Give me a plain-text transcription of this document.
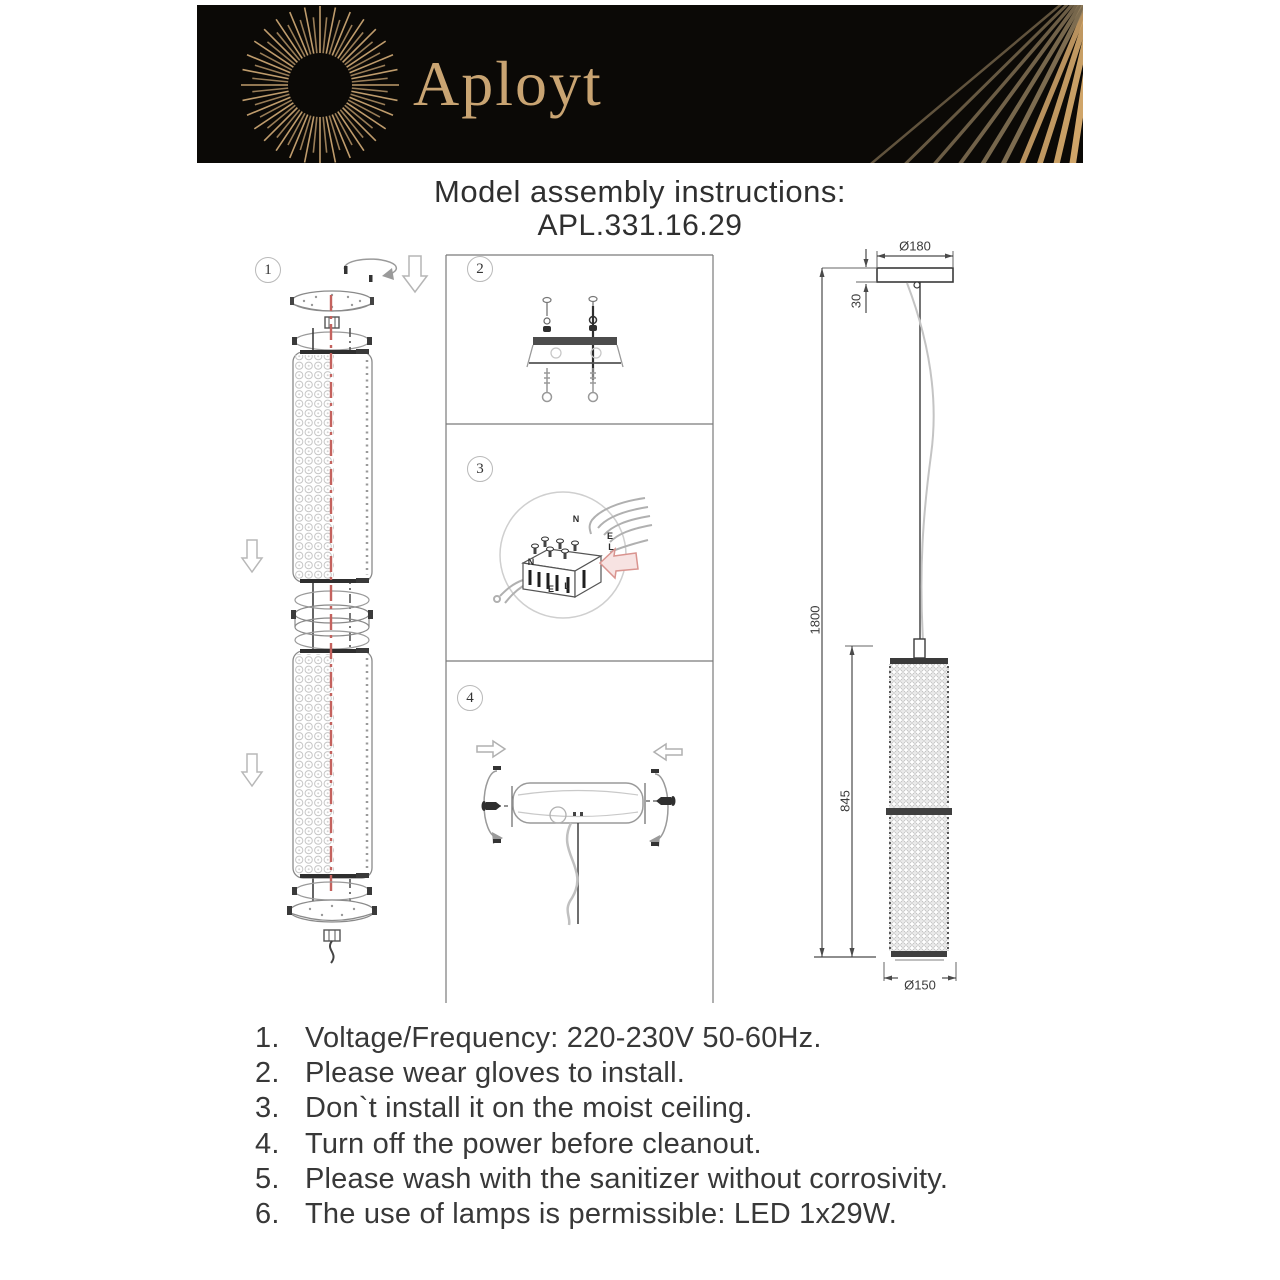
Aployt
Model assembly instructions:
APL.331.16.29
1	2
3
4
N
E
L
N
E L
Ø180
30
1800
845
Ø150
1. Voltage/Frequency: 220-230V 50-60Hz.
2. Please wear gloves to install.
3. Don`t install it on the moist ceiling.
4. Turn off the power before cleanout.
5. Please wash with the sanitizer without corrosivity.
6. The use of lamps is permissible: LED 1x29W.
